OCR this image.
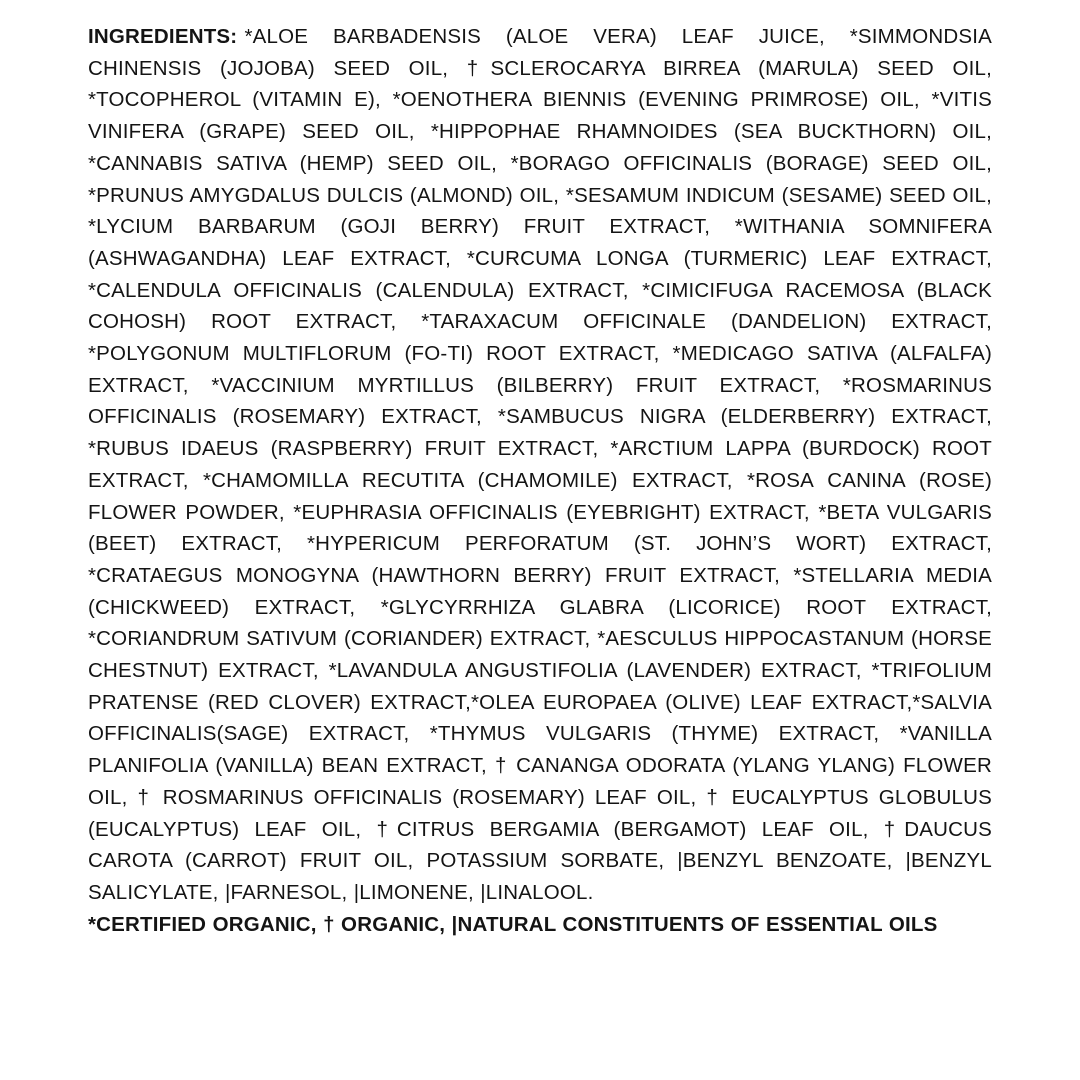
INGREDIENTS: *ALOE BARBADENSIS (ALOE VERA) LEAF JUICE, *SIMMONDSIA CHINENSIS (JOJOBA) SEED OIL, †SCLEROCARYA BIRREA (MARULA) SEED OIL, *TOCOPHEROL (VITAMIN E), *OENOTHERA BIENNIS (EVENING PRIMROSE) OIL, *VITIS VINIFERA (GRAPE) SEED OIL, *HIPPOPHAE RHAMNOIDES (SEA BUCKTHORN) OIL, *CANNABIS SATIVA (HEMP) SEED OIL, *BORAGO OFFICINALIS (BORAGE) SEED OIL, *PRUNUS AMYGDALUS DULCIS (ALMOND) OIL, *SESAMUM INDICUM (SESAME) SEED OIL, *LYCIUM BARBARUM (GOJI BERRY) FRUIT EXTRACT, *WITHANIA SOMNIFERA (ASHWAGANDHA) LEAF EXTRACT, *CURCUMA LONGA (TURMERIC) LEAF EXTRACT, *CALENDULA OFFICINALIS (CALENDULA) EXTRACT, *CIMICIFUGA RACEMOSA (BLACK COHOSH) ROOT EXTRACT, *TARAXACUM OFFICINALE (DANDELION) EXTRACT, *POLYGONUM MULTIFLORUM (FO-TI) ROOT EXTRACT, *MEDICAGO SATIVA (ALFALFA) EXTRACT, *VACCINIUM MYRTILLUS (BILBERRY) FRUIT EXTRACT, *ROSMARINUS OFFICINALIS (ROSEMARY) EXTRACT, *SAMBUCUS NIGRA (ELDERBERRY) EXTRACT, *RUBUS IDAEUS (RASPBERRY) FRUIT EXTRACT, *ARCTIUM LAPPA (BURDOCK) ROOT EXTRACT, *CHAMOMILLA RECUTITA (CHAMOMILE) EXTRACT, *ROSA CANINA (ROSE) FLOWER POWDER, *EUPHRASIA OFFICINALIS (EYEBRIGHT) EXTRACT, *BETA VULGARIS (BEET) EXTRACT, *HYPERICUM PERFORATUM (ST. JOHN’S WORT) EXTRACT, *CRATAEGUS MONOGYNA (HAWTHORN BERRY) FRUIT EXTRACT, *STELLARIA MEDIA (CHICKWEED) EXTRACT, *GLYCYRRHIZA GLABRA (LICORICE) ROOT EXTRACT, *CORIANDRUM SATIVUM (CORIANDER) EXTRACT, *AESCULUS HIPPOCASTANUM (HORSE CHESTNUT) EXTRACT, *LAVANDULA ANGUSTIFOLIA (LAVENDER) EXTRACT, *TRIFOLIUM PRATENSE (RED CLOVER) EXTRACT,*OLEA EUROPAEA (OLIVE) LEAF EXTRACT,*SALVIA OFFICINALIS(SAGE) EXTRACT, *THYMUS VULGARIS (THYME) EXTRACT, *VANILLA PLANIFOLIA (VANILLA) BEAN EXTRACT, † CANANGA ODORATA (YLANG YLANG) FLOWER OIL, † ROSMARINUS OFFICINALIS (ROSEMARY) LEAF OIL, † EUCALYPTUS GLOBULUS (EUCALYPTUS) LEAF OIL, †CITRUS BERGAMIA (BERGAMOT) LEAF OIL, †DAUCUS CAROTA (CARROT) FRUIT OIL, POTASSIUM SORBATE, |BENZYL BENZOATE, |BENZYL SALICYLATE, |FARNESOL, |LIMONENE, |LINALOOL.

*CERTIFIED ORGANIC, † ORGANIC, |NATURAL CONSTITUENTS OF ESSENTIAL OILS
